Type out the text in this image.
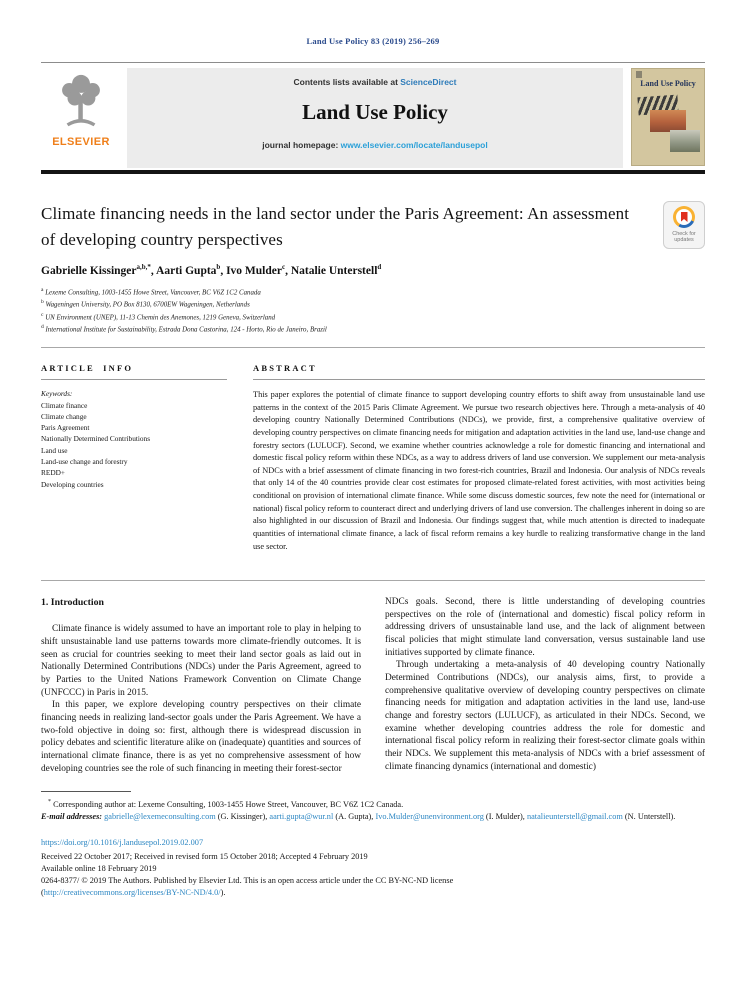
Land Use Policy 83 (2019) 256–269
ELSEVIER
Contents lists available at ScienceDirect
Land Use Policy
journal homepage: www.elsevier.com/locate/landusepol
Land Use Policy
Climate financing needs in the land sector under the Paris Agreement: An assessment of developing country perspectives	Check for updates
Gabrielle Kissinger$^{a,b,*}$, Aarti Gupta$^b$, Ivo Mulder$^c$, Natalie Unterstell$^d$
$^a$ Lexeme Consulting, 1003-1455 Howe Street, Vancouver, BC V6Z 1C2 Canada
$^b$ Wageningen University, PO Box 8130, 6700EW Wageningen, Netherlands
$^c$ UN Environment (UNEP), 11-13 Chemin des Anemones, 1219 Geneva, Switzerland
$^d$ International Institute for Sustainability, Estrada Dona Castorina, 124 - Horto, Rio de Janeiro, Brazil
ARTICLE INFO
Keywords:
Climate finance
Climate change
Paris Agreement
Nationally Determined Contributions
Land use
Land-use change and forestry
REDD+
Developing countries
ABSTRACT
This paper explores the potential of climate finance to support developing country efforts to shift away from unsustainable land use patterns in the context of the 2015 Paris Climate Agreement. We pursue two research objectives here. Through a meta-analysis of 40 developing country Nationally Determined Contributions (NDCs), we provide, first, a comprehensive qualitative overview of developing country perspectives on climate financing needs for mitigation and adaptation activities in the land use, land-use change and forestry sectors (LULUCF). Second, we examine whether countries acknowledge a role for domestic financing and international and domestic fiscal policy reform within these NDCs, as a way to address drivers of land use conversion. We supplement our meta-analysis of NDCs with a brief assessment of climate financing in two forest-rich countries, Brazil and Indonesia. Our analysis of NDCs reveals that only 14 of the 40 countries provide clear cost estimates for proposed climate-related forest activities, with most activities being conditional on provision of international climate finance. While some discuss domestic sources, few note the need for (international or national) fiscal policy reform to counteract direct and underlying drivers of land use conversion. The challenges inherent in doing so are also highlighted in our discussion of Brazil and Indonesia. Our findings suggest that, while much attention is directed to inadequate quantities of international climate finance, a lack of fiscal reform remains a key hurdle to realizing transformative change in the land use sector.
1. Introduction

Climate finance is widely assumed to have an important role to play in helping to shift unsustainable land use patterns towards more climate-friendly outcomes. It is seen as crucial for countries seeking to meet their land sector goals as laid out in Nationally Determined Contributions (NDCs) under the Paris Agreement, agreed to by Parties to the United Nations Framework Convention on Climate Change (UNFCCC) in Paris in 2015.

In this paper, we explore developing country perspectives on their climate financing needs in realizing land-sector goals under the Paris Agreement. We have a two-fold objective in doing so: first, although there is widespread discussion in policy debates and scientific literature alike on (inadequate) quantities and sources of international climate finance, there is as yet no comprehensive assessment of how developing countries see the role of such financing in meeting their forest-sector

NDCs goals. Second, there is little understanding of developing countries perspectives on the role of (international and domestic) fiscal policy reform in addressing drivers of unsustainable land use, and the lack of alignment between fiscal policies that might stimulate land conversation, versus sustainable land use initiatives supported by climate finance.

Through undertaking a meta-analysis of 40 developing country Nationally Determined Contributions (NDCs), our analysis aims, first, to provide a comprehensive qualitative overview of developing country perspectives on climate financing needs for mitigation and adaptation activities in the land use, land-use change and forestry sectors (LULUCF), as articulated in their NDCs. Second, we examine whether developing countries address the role for domestic and international fiscal policy reform in realizing their forest-sector climate goals within their NDCs. We supplement this meta-analysis of NDCs with a brief assessment of climate financing dynamics (international and domestic)

* Corresponding author at: Lexeme Consulting, 1003-1455 Howe Street, Vancouver, BC V6Z 1C2 Canada.
E-mail addresses: gabrielle@lexemeconsulting.com (G. Kissinger), aarti.gupta@wur.nl (A. Gupta), Ivo.Mulder@unenvironment.org (I. Mulder), natalieunterstell@gmail.com (N. Unterstell).
https://doi.org/10.1016/j.landusepol.2019.02.007
Received 22 October 2017; Received in revised form 15 October 2018; Accepted 4 February 2019
Available online 18 February 2019
0264-8377/ © 2019 The Authors. Published by Elsevier Ltd. This is an open access article under the CC BY-NC-ND license
(http://creativecommons.org/licenses/BY-NC-ND/4.0/).
